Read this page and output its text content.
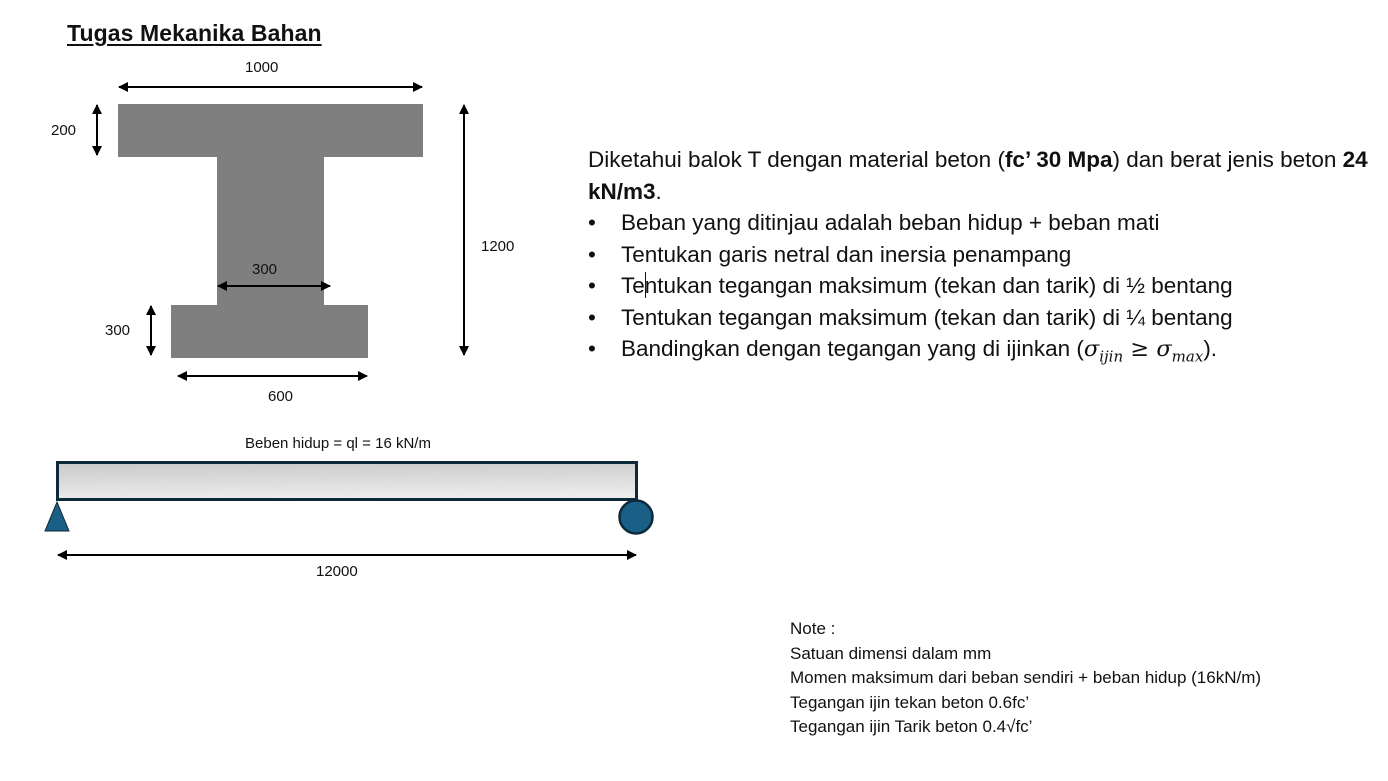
Tugas Mekanika Bahan
1000
200
300
300
600
1200
Beben hidup = ql = 16 kN/m
12000
Diketahui balok T dengan material beton (fc’ 30 Mpa) dan berat jenis beton 24 kN/m3.
• Beban yang ditinjau adalah beban hidup + beban mati
• Tentukan garis netral dan inersia penampang
• Tentukan tegangan maksimum (tekan dan tarik) di ½ bentang
• Tentukan tegangan maksimum (tekan dan tarik) di ¼ bentang
• Bandingkan dengan tegangan yang di ijinkan $(\sigma_{ijin} \ge \sigma_{max})$.
Note :
Satuan dimensi dalam mm
Momen maksimum dari beban sendiri + beban hidup (16kN/m)
Tegangan ijin tekan beton 0.6fc’
Tegangan ijin Tarik beton 0.4√fc’
